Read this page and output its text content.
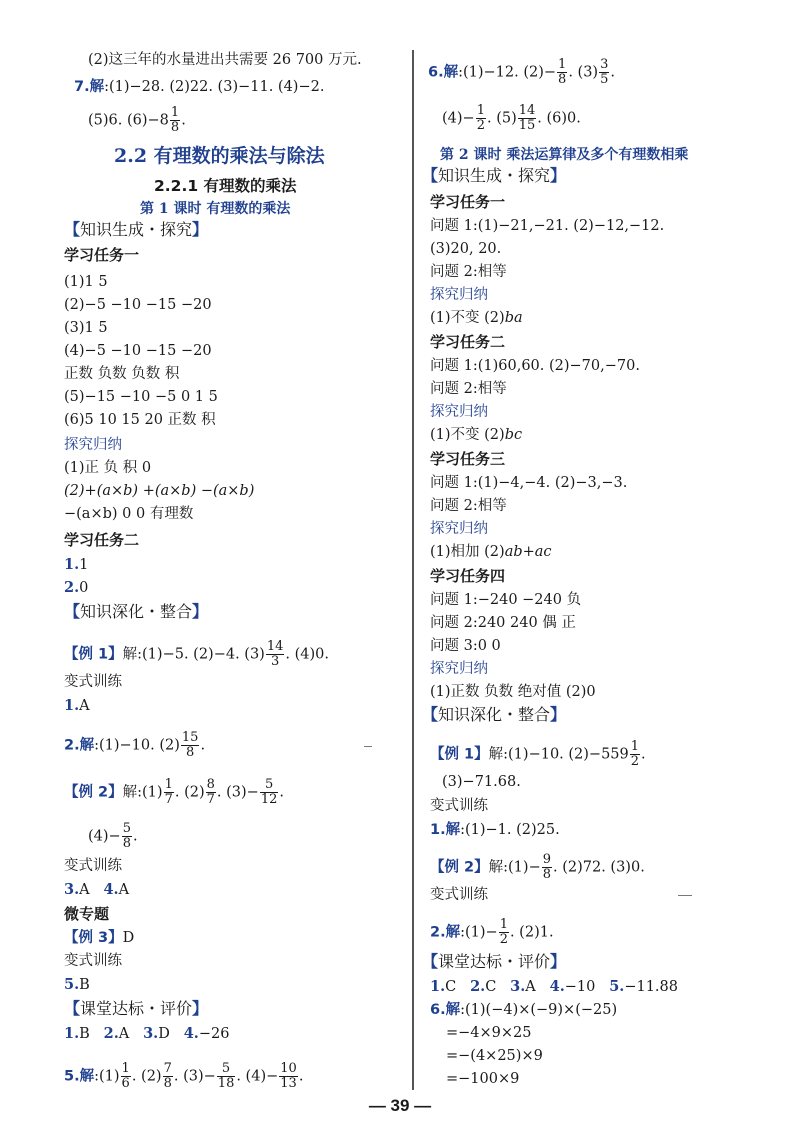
(2)这三年的水量进出共需要 26 700 万元.
7.解:(1)−28. (2)22. (3)−11. (4)−2.
(5)6. $(6)-8 \frac{1}{8}$ .
2.2 有理数的乘法与除法
2.2.1 有理数的乘法
第 1 课时 有理数的乘法
【知识生成・探究】
学习任务一
(1)1 5
(2)−5 −10 −15 −20
(3)1 5
(4)−5 −10 −15 −20
正数 负数 负数 积
(5)−15 −10 −5 0 1 5
(6)5 10 15 20 正数 积
探究归纳
(1)正 负 积 0
(2)+(a×b) +(a×b) −(a×b)
−(a×b) 0 0 有理数
学习任务二
1.1
2.0
【知识深化・整合】
【例 1】解:(1)−5. (2)−4. $(3) \frac{14}{3}$ . (4)0.
变式训练
1.A
2.解:(1)−10. $(2) \frac{15}{8}$ .
【例 2】解:(1) $\frac{1}{7}$ . $(2) \frac{8}{7}$ . $(3)- \frac{5}{12}$ .
$(4)- \frac{5}{8}$ .
变式训练
3.A 4.A
微专题
【例 3】D
变式训练
5.B
【课堂达标・评价】
1.B 2.A 3.D 4.−26
5.解:(1) $\frac{1}{6}$ . $(2) \frac{7}{8}$ . $(3)- \frac{5}{18}$ . $(4)- \frac{10}{13}$ .
6.解:(1)−12. $(2)- \frac{1}{8}$ . $(3) \frac{3}{5}$ .
$(4)- \frac{1}{2}$ . $(5) \frac{14}{15}$ . (6)0.
第 2 课时 乘法运算律及多个有理数相乘
【知识生成・探究】
学习任务一
问题 1:(1)−21,−21. (2)−12,−12.
(3)20, 20.
问题 2:相等
探究归纳
(1)不变 (2)ba
学习任务二
问题 1:(1)60,60. (2)−70,−70.
问题 2:相等
探究归纳
(1)不变 (2)bc
学习任务三
问题 1:(1)−4,−4. (2)−3,−3.
问题 2:相等
探究归纳
(1)相加 (2)ab+ac
学习任务四
问题 1:−240 −240 负
问题 2:240 240 偶 正
问题 3:0 0
探究归纳
(1)正数 负数 绝对值 (2)0
【知识深化・整合】
【例 1】解:(1)−10. $(2)-559 \frac{1}{2}$ .
(3)−71.68.
变式训练
1.解:(1)−1. (2)25.
【例 2】解:(1)− $\frac{9}{8}$ . (2)72. (3)0.
变式训练
2.解:(1)− $\frac{1}{2}$ . (2)1.
【课堂达标・评价】
1.C 2.C 3.A 4.−10 5.−11.88
6.解:(1)(−4)×(−9)×(−25)
=−4×9×25
=−(4×25)×9
=−100×9
— 39 —
